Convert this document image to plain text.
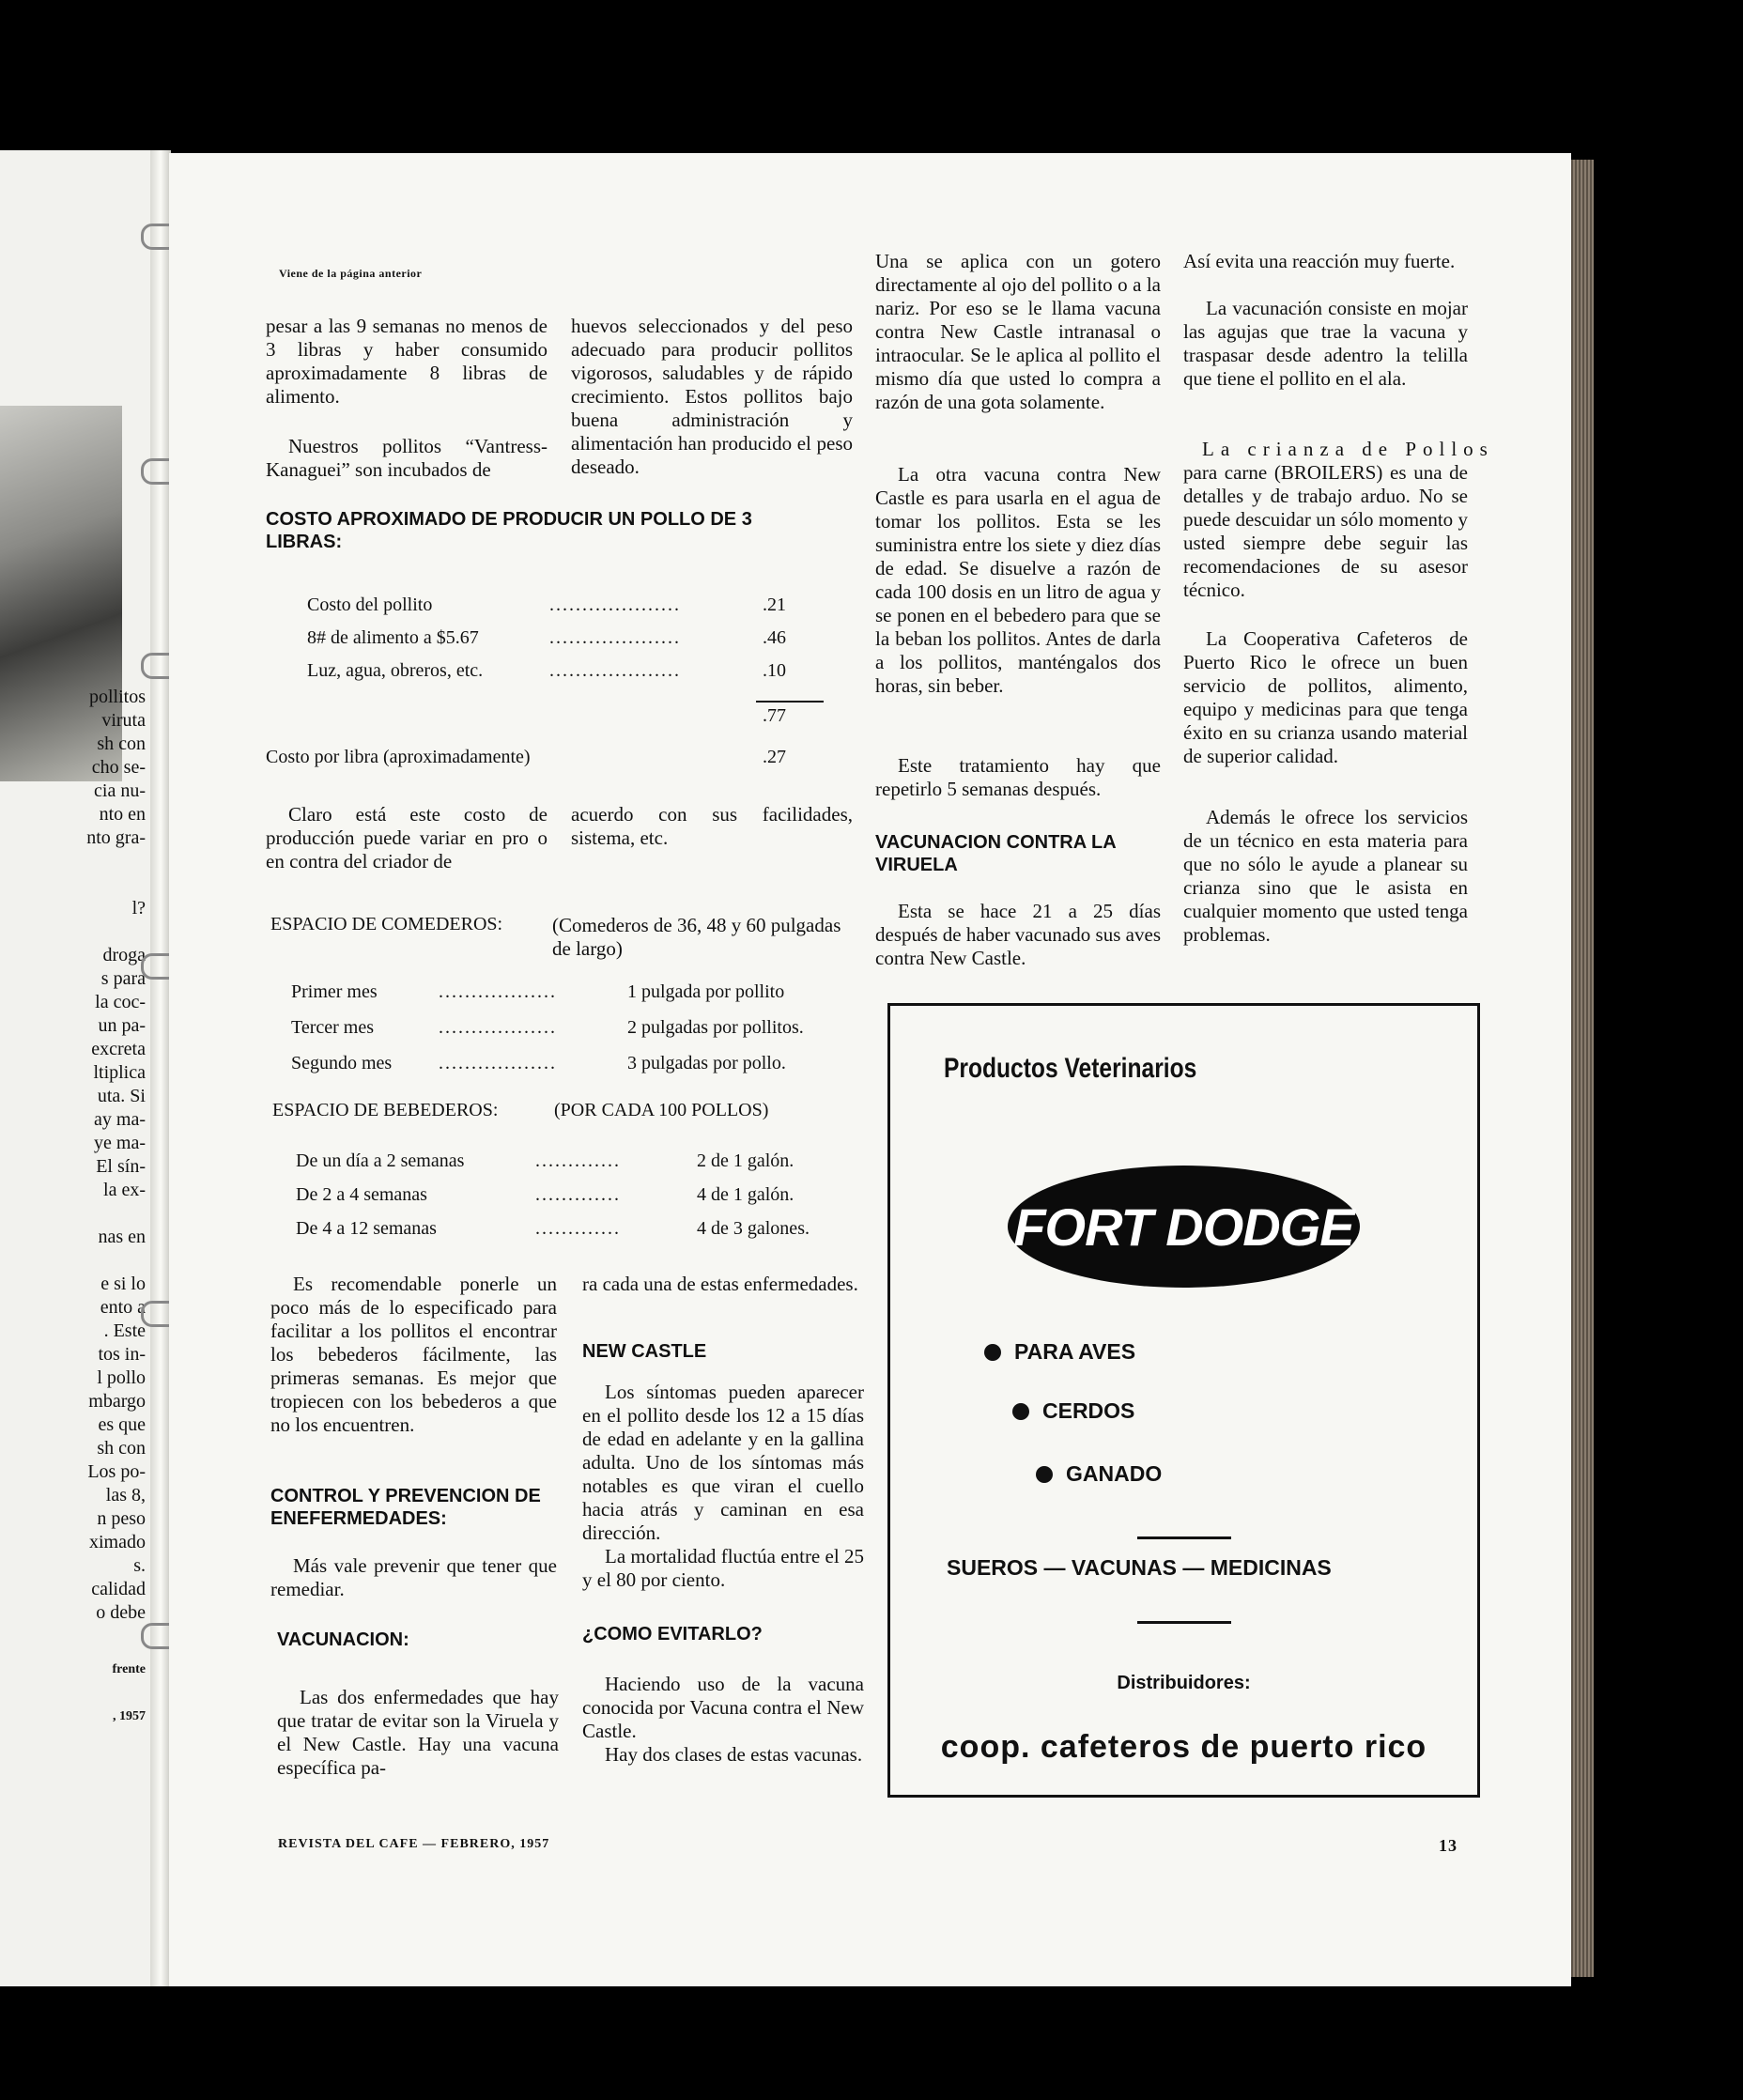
pollitos
viruta
sh con
cho se-
cia nu-
nto en
nto gra-
l?
droga
s para
la coc-
un pa-
excreta
ltiplica
uta. Si
ay ma-
ye ma-
El sín-
la ex-
nas en
e si lo
ento a
. Este
tos in-
l pollo
mbargo
es que
sh con
Los po-
las 8,
n peso
ximado
s.
calidad
o debe
frente
, 1957
Viene de la página anterior
pesar a las 9 semanas no menos de 3 libras y haber consumido aproximadamente 8 libras de alimento.
Nuestros pollitos “Vantress-Kanaguei” son incubados de
huevos seleccionados y del peso adecuado para producir pollitos vigorosos, saludables y de rápido crecimiento. Estos pollitos bajo buena administración y alimentación han producido el peso deseado.
COSTO APROXIMADO DE PRODUCIR UN POLLO DE 3 LIBRAS:
Costo del pollito	....................	.21
8# de alimento a $5.67	....................	.46
Luz, agua, obreros, etc.	....................	.10
.77
Costo por libra (aproximadamente)	.27
Claro está este costo de producción puede variar en pro o en contra del criador de
acuerdo con sus facilidades, sistema, etc.
ESPACIO DE COMEDEROS:	(Comederos de 36, 48 y 60 pulgadas de largo)
Primer mes	..................	1 pulgada por pollito
Tercer mes	..................	2 pulgadas por pollitos.
Segundo mes ..................	3 pulgadas por pollo.
ESPACIO DE BEBEDEROS:	(POR CADA 100 POLLOS)
De un día a 2 semanas	.............	2 de 1 galón.
De 2 a 4 semanas	.............	4 de 1 galón.
De 4 a 12 semanas	.............	4 de 3 galones.
Es recomendable ponerle un poco más de lo especificado para facilitar a los pollitos el encontrar los bebederos fácilmente, las primeras semanas. Es mejor que tropiecen con los bebederos a que no los encuentren.
CONTROL Y PREVENCION DE ENEFERMEDADES:
Más vale prevenir que tener que remediar.
VACUNACION:
Las dos enfermedades que hay que tratar de evitar son la Viruela y el New Castle. Hay una vacuna específica pa-
ra cada una de estas enfermedades.
NEW CASTLE
Los síntomas pueden aparecer en el pollito desde los 12 a 15 días de edad en adelante y en la gallina adulta. Uno de los síntomas más notables es que viran el cuello hacia atrás y caminan en esa dirección.
La mortalidad fluctúa entre el 25 y el 80 por ciento.
¿COMO EVITARLO?
Haciendo uso de la vacuna conocida por Vacuna contra el New Castle.
Hay dos clases de estas vacunas.
Una se aplica con un gotero directamente al ojo del pollito o a la nariz. Por eso se le llama vacuna contra New Castle intranasal o intraocular. Se le aplica al pollito el mismo día que usted lo compra a razón de una gota solamente.
La otra vacuna contra New Castle es para usarla en el agua de tomar los pollitos. Esta se les suministra entre los siete y diez días de edad. Se disuelve a razón de cada 100 dosis en un litro de agua y se ponen en el bebedero para que se la beban los pollitos. Antes de darla a los pollitos, manténgalos dos horas, sin beber.
Este tratamiento hay que repetirlo 5 semanas después.
VACUNACION CONTRA LA VIRUELA
Esta se hace 21 a 25 días después de haber vacunado sus aves contra New Castle.
Así evita una reacción muy fuerte.
La vacunación consiste en mojar las agujas que trae la vacuna y traspasar desde adentro la telilla que tiene el pollito en el ala.
La crianza de Pollos
para carne (BROILERS) es una de detalles y de trabajo arduo. No se puede descuidar un sólo momento y usted siempre debe seguir las recomendaciones de su asesor técnico.
La Cooperativa Cafeteros de Puerto Rico le ofrece un buen servicio de pollitos, alimento, equipo y medicinas para que tenga éxito en su crianza usando material de superior calidad.
Además le ofrece los servicios de un técnico en esta materia para que no sólo le ayude a planear su crianza sino que le asista en cualquier momento que usted tenga problemas.
REVISTA DEL CAFE — FEBRERO, 1957	13
Productos Veterinarios
FORT DODGE
PARA AVES
CERDOS
GANADO
SUEROS — VACUNAS — MEDICINAS
Distribuidores:
coop. cafeteros de puerto rico
